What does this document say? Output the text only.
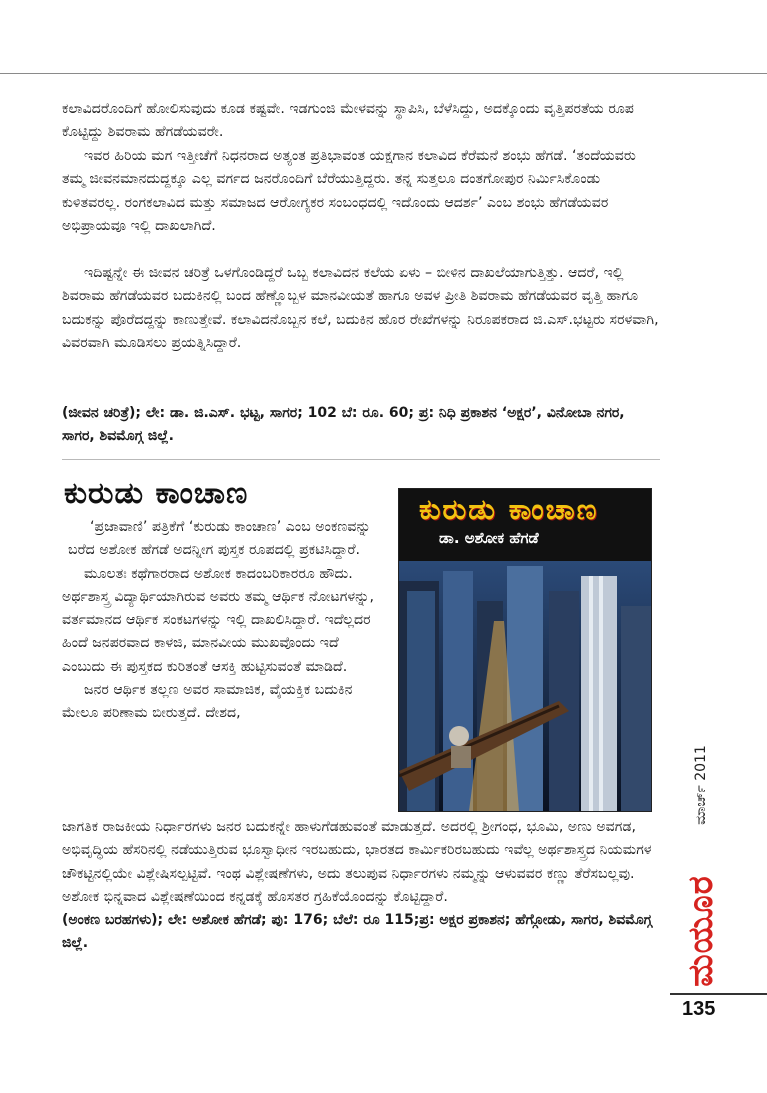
ಕಲಾವಿದರೊಂದಿಗೆ ಹೋಲಿಸುವುದು ಕೂಡ ಕಷ್ಟವೇ. ಇಡಗುಂಜಿ ಮೇಳವನ್ನು ಸ್ಥಾಪಿಸಿ, ಬೆಳೆಸಿದ್ದು, ಅದಕ್ಕೊಂದು ವೃತ್ತಿಪರತೆಯ ರೂಪ ಕೊಟ್ಟಿದ್ದು ಶಿವರಾಮ ಹೆಗಡೆಯವರೇ.

ಇವರ ಹಿರಿಯ ಮಗ ಇತ್ತೀಚೆಗೆ ನಿಧನರಾದ ಅತ್ಯಂತ ಪ್ರತಿಭಾವಂತ ಯಕ್ಷಗಾನ ಕಲಾವಿದ ಕೆರೆಮನೆ ಶಂಭು ಹೆಗಡೆ. ‘ತಂದೆಯವರು ತಮ್ಮ ಜೀವನಮಾನದುದ್ದಕ್ಕೂ ಎಲ್ಲ ವರ್ಗದ ಜನರೊಂದಿಗೆ ಬೆರೆಯುತ್ತಿದ್ದರು. ತನ್ನ ಸುತ್ತಲೂ ದಂತಗೋಪುರ ನಿರ್ಮಿಸಿಕೊಂಡು ಕುಳಿತವರಲ್ಲ. ರಂಗಕಲಾವಿದ ಮತ್ತು ಸಮಾಜದ ಆರೋಗ್ಯಕರ ಸಂಬಂಧದಲ್ಲಿ ಇದೊಂದು ಆದರ್ಶ’ ಎಂಬ ಶಂಭು ಹೆಗಡೆಯವರ ಅಭಿಪ್ರಾಯವೂ ಇಲ್ಲಿ ದಾಖಲಾಗಿದೆ.

ಇದಿಷ್ಟನ್ನೇ ಈ ಜೀವನ ಚರಿತ್ರೆ ಒಳಗೊಂಡಿದ್ದರೆ ಒಬ್ಬ ಕಲಾವಿದನ ಕಲೆಯ ಏಳು – ಬೀಳಿನ ದಾಖಲೆಯಾಗುತ್ತಿತ್ತು. ಆದರೆ, ಇಲ್ಲಿ ಶಿವರಾಮ ಹೆಗಡೆಯವರ ಬದುಕಿನಲ್ಲಿ ಬಂದ ಹೆಣ್ಣೊಬ್ಬಳ ಮಾನವೀಯತೆ ಹಾಗೂ ಅವಳ ಪ್ರೀತಿ ಶಿವರಾಮ ಹೆಗಡೆಯವರ ವೃತ್ತಿ ಹಾಗೂ ಬದುಕನ್ನು ಪೊರೆದದ್ದನ್ನು ಕಾಣುತ್ತೇವೆ. ಕಲಾವಿದನೊಬ್ಬನ ಕಲೆ, ಬದುಕಿನ ಹೊರ ರೇಖೆಗಳನ್ನು ನಿರೂಪಕರಾದ ಜಿ.ಎಸ್.ಭಟ್ಟರು ಸರಳವಾಗಿ, ವಿವರವಾಗಿ ಮೂಡಿಸಲು ಪ್ರಯತ್ನಿಸಿದ್ದಾರೆ.

(ಜೀವನ ಚರಿತ್ರೆ); ಲೇ: ಡಾ. ಜಿ.ಎಸ್. ಭಟ್ಟ, ಸಾಗರ; 102 ಬೆ: ರೂ. 60; ಪ್ರ: ನಿಧಿ ಪ್ರಕಾಶನ ‘ಅಕ್ಷರ’, ವಿನೋಬಾ ನಗರ, ಸಾಗರ, ಶಿವಮೊಗ್ಗ ಜಿಲ್ಲೆ.

ಕುರುಡು ಕಾಂಚಾಣ

‘ಪ್ರಜಾವಾಣಿ’ ಪತ್ರಿಕೆಗೆ ‘ಕುರುಡು ಕಾಂಚಾಣ’ ಎಂಬ ಅಂಕಣವನ್ನು ಬರೆದ ಅಶೋಕ ಹೆಗಡೆ ಅದನ್ನೀಗ ಪುಸ್ತಕ ರೂಪದಲ್ಲಿ ಪ್ರಕಟಿಸಿದ್ದಾರೆ.

ಮೂಲತಃ ಕಥೆಗಾರರಾದ ಅಶೋಕ ಕಾದಂಬರಿಕಾರರೂ ಹೌದು. ಅರ್ಥಶಾಸ್ತ್ರ ವಿದ್ಯಾರ್ಥಿಯಾಗಿರುವ ಅವರು ತಮ್ಮ ಆರ್ಥಿಕ ನೋಟಗಳನ್ನು, ವರ್ತಮಾನದ ಆರ್ಥಿಕ ಸಂಕಟಗಳನ್ನು ಇಲ್ಲಿ ದಾಖಲಿಸಿದ್ದಾರೆ. ಇದೆಲ್ಲದರ ಹಿಂದೆ ಜನಪರವಾದ ಕಾಳಜಿ, ಮಾನವೀಯ ಮುಖವೊಂದು ಇದೆ ಎಂಬುದು ಈ ಪುಸ್ತಕದ ಕುರಿತಂತೆ ಆಸಕ್ತಿ ಹುಟ್ಟಿಸುವಂತೆ ಮಾಡಿದೆ.

ಜನರ ಆರ್ಥಿಕ ತಲ್ಲಣ ಅವರ ಸಾಮಾಜಿಕ, ವೈಯಕ್ತಿಕ ಬದುಕಿನ ಮೇಲೂ ಪರಿಣಾಮ ಬೀರುತ್ತದೆ. ದೇಶದ,

ಕುರುಡು ಕಾಂಚಾಣ

ಡಾ. ಅಶೋಕ ಹೆಗಡೆ

ಜಾಗತಿಕ ರಾಜಕೀಯ ನಿರ್ಧಾರಗಳು ಜನರ ಬದುಕನ್ನೇ ಹಾಳುಗೆಡಹುವಂತೆ ಮಾಡುತ್ತದೆ. ಅದರಲ್ಲಿ ಶ್ರೀಗಂಧ, ಭೂಮಿ, ಅಣು ಅವಗಡ, ಅಭಿವೃದ್ಧಿಯ ಹೆಸರಿನಲ್ಲಿ ನಡೆಯುತ್ತಿರುವ ಭೂಸ್ವಾಧೀನ ಇರಬಹುದು, ಭಾರತದ ಕಾರ್ಮಿಕರಿರಬಹುದು ಇವೆಲ್ಲ ಅರ್ಥಶಾಸ್ತ್ರದ ನಿಯಮಗಳ ಚೌಕಟ್ಟಿನಲ್ಲಿಯೇ ವಿಶ್ಲೇಷಿಸಲ್ಪಟ್ಟಿವೆ. ಇಂಥ ವಿಶ್ಲೇಷಣೆಗಳು, ಅದು ತಲುಪುವ ನಿರ್ಧಾರಗಳು ನಮ್ಮನ್ನು ಆಳುವವರ ಕಣ್ಣು ತೆರೆಸಬಲ್ಲವು. ಅಶೋಕ ಭಿನ್ನವಾದ ವಿಶ್ಲೇಷಣೆಯಿಂದ ಕನ್ನಡಕ್ಕೆ ಹೊಸತರ ಗ್ರಹಿಕೆಯೊಂದನ್ನು ಕೊಟ್ಟಿದ್ದಾರೆ.

(ಅಂಕಣ ಬರಹಗಳು); ಲೇ: ಅಶೋಕ ಹೆಗಡೆ; ಪು: 176; ಬೆಲೆ: ರೂ 115;ಪ್ರ: ಅಕ್ಷರ ಪ್ರಕಾಶನ; ಹೆಗ್ಗೋಡು, ಸಾಗರ, ಶಿವಮೊಗ್ಗ ಜಿಲ್ಲೆ.

ಮಾರ್ಚ್ 2011
ಮಯೂರ

135
